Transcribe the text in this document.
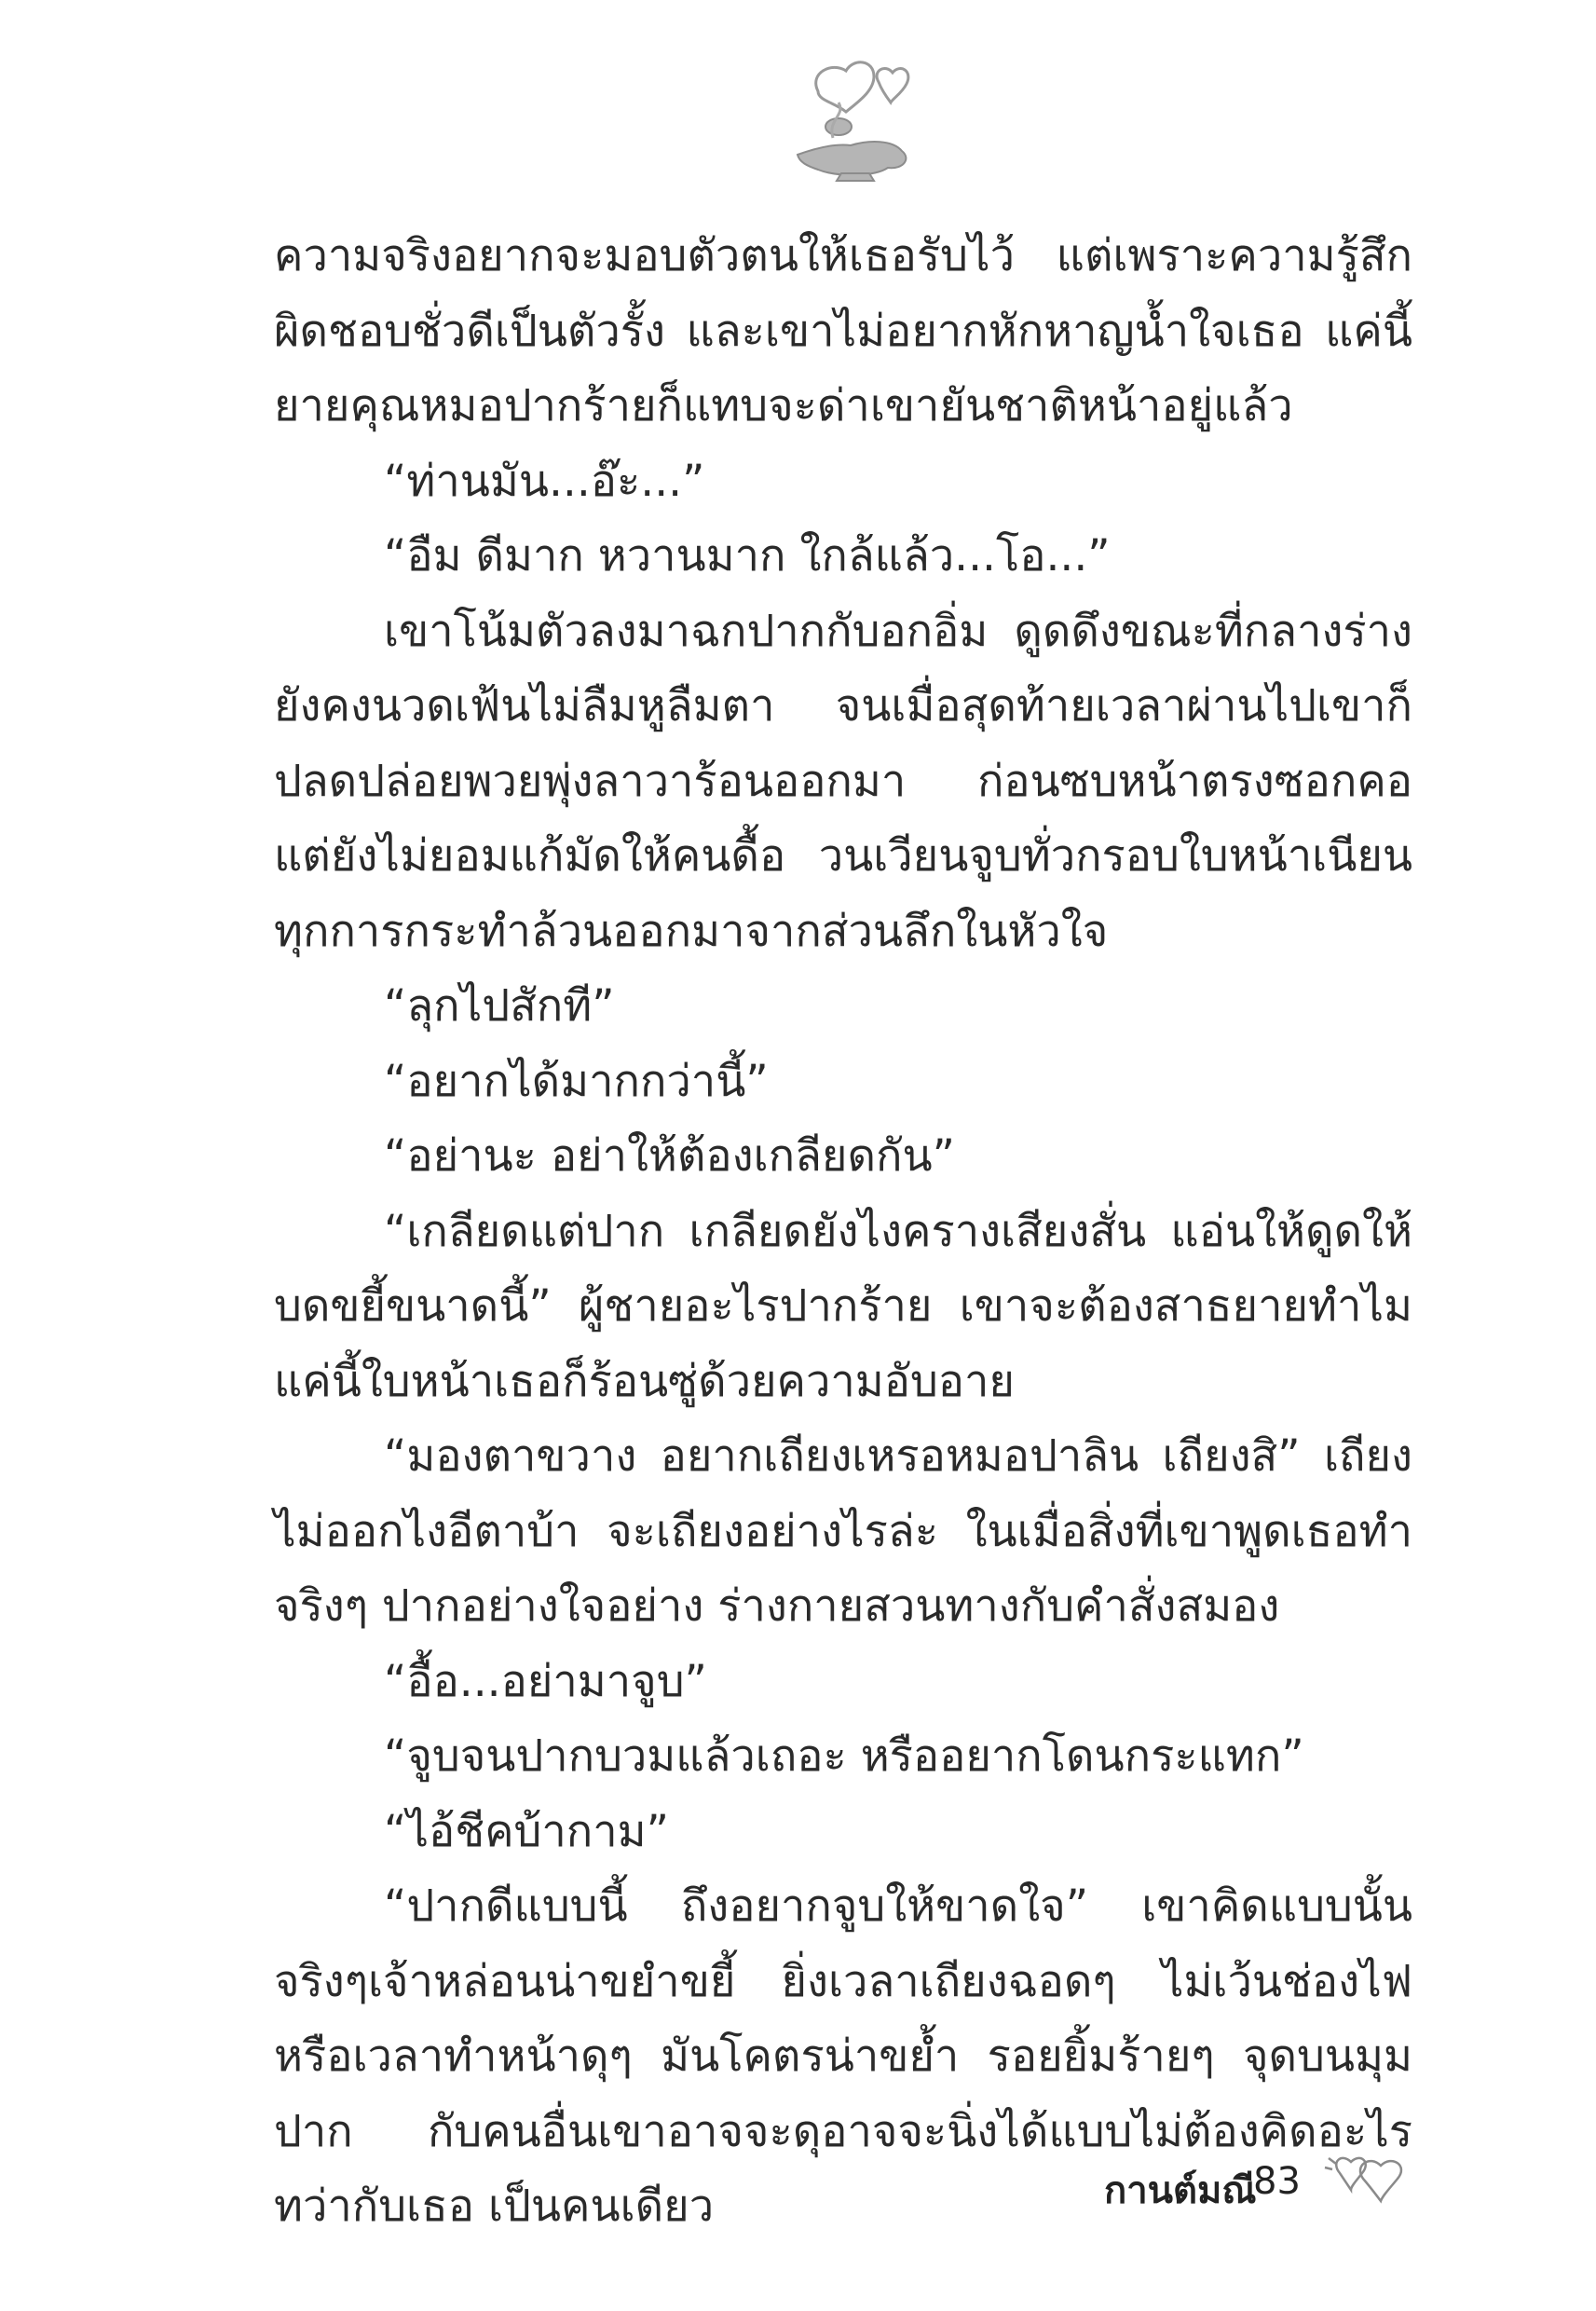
ความจริงอยากจะมอบตัวตนให้เธอรับไว้ แต่เพราะความรู้สึกผิดชอบชั่วดีเป็นตัวรั้ง และเขาไม่อยากหักหาญน้ำใจเธอ แค่นี้ยายคุณหมอปากร้ายก็แทบจะด่าเขายันชาติหน้าอยู่แล้ว

“ท่านมัน...อ๊ะ...”

“อืม ดีมาก หวานมาก ใกล้แล้ว...โอ...”

เขาโน้มตัวลงมาฉกปากกับอกอิ่ม ดูดดึงขณะที่กลางร่างยังคงนวดเฟ้นไม่ลืมหูลืมตา จนเมื่อสุดท้ายเวลาผ่านไปเขาก็ปลดปล่อยพวยพุ่งลาวาร้อนออกมา ก่อนซบหน้าตรงซอกคอ แต่ยังไม่ยอมแก้มัดให้คนดื้อ วนเวียนจูบทั่วกรอบใบหน้าเนียน ทุกการกระทำล้วนออกมาจากส่วนลึกในหัวใจ

“ลุกไปสักที”

“อยากได้มากกว่านี้”

“อย่านะ อย่าให้ต้องเกลียดกัน”

“เกลียดแต่ปาก เกลียดยังไงครางเสียงสั่น แอ่นให้ดูดให้บดขยี้ขนาดนี้” ผู้ชายอะไรปากร้าย เขาจะต้องสาธยายทำไม แค่นี้ใบหน้าเธอก็ร้อนซู่ด้วยความอับอาย

“มองตาขวาง อยากเถียงเหรอหมอปาลิน เถียงสิ” เถียงไม่ออกไงอีตาบ้า จะเถียงอย่างไรล่ะ ในเมื่อสิ่งที่เขาพูดเธอทำจริงๆ ปากอย่างใจอย่าง ร่างกายสวนทางกับคำสั่งสมอง

“อื้อ...อย่ามาจูบ”

“จูบจนปากบวมแล้วเถอะ หรืออยากโดนกระแทก”

“ไอ้ชีคบ้ากาม”

“ปากดีแบบนี้ ถึงอยากจูบให้ขาดใจ” เขาคิดแบบนั้นจริงๆเจ้าหล่อนน่าขยำขยี้ ยิ่งเวลาเถียงฉอดๆ ไม่เว้นช่องไฟ หรือเวลาทำหน้าดุๆ มันโคตรน่าขย้ำ รอยยิ้มร้ายๆ จุดบนมุมปาก กับคนอื่นเขาอาจจะดุอาจจะนิ่งได้แบบไม่ต้องคิดอะไร ทว่ากับเธอ เป็นคนเดียว	กานต์มณี
83
